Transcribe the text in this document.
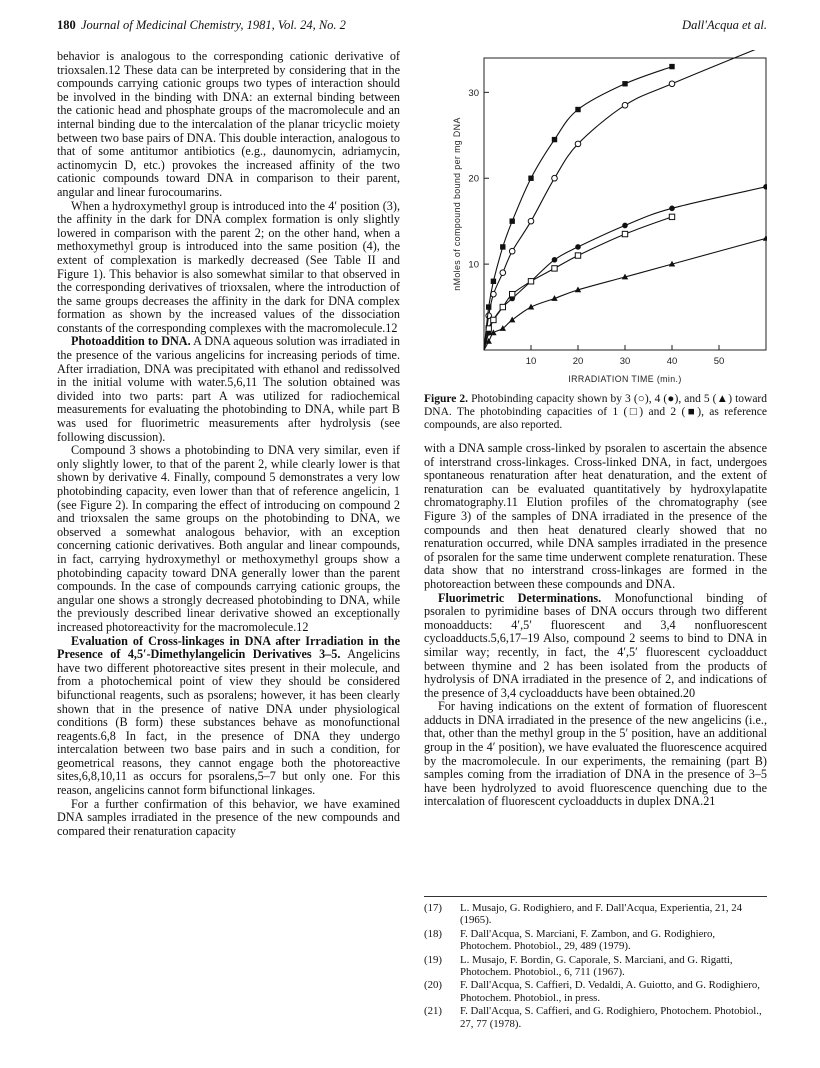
180 Journal of Medicinal Chemistry, 1981, Vol. 24, No. 2	Dall'Acqua et al.

behavior is analogous to the corresponding cationic derivative of trioxsalen.12 These data can be interpreted by considering that in the compounds carrying cationic groups two types of interaction should be involved in the binding with DNA: an external binding between the cationic head and phosphate groups of the macromolecule and an internal binding due to the intercalation of the planar tricyclic moiety between two base pairs of DNA. This double interaction, analogous to that of some antitumor antibiotics (e.g., daunomycin, adriamycin, actinomycin D, etc.) provokes the increased affinity of the two cationic compounds toward DNA in comparison to their parent, angular and linear furocoumarins.

When a hydroxymethyl group is introduced into the 4′ position (3), the affinity in the dark for DNA complex formation is only slightly lowered in comparison with the parent 2; on the other hand, when a methoxymethyl group is introduced into the same position (4), the extent of complexation is markedly decreased (See Table II and Figure 1). This behavior is also somewhat similar to that observed in the corresponding derivatives of trioxsalen, where the introduction of the same groups decreases the affinity in the dark for DNA complex formation as shown by the increased values of the dissociation constants of the corresponding complexes with the macromolecule.12

Photoaddition to DNA. A DNA aqueous solution was irradiated in the presence of the various angelicins for increasing periods of time. After irradiation, DNA was precipitated with ethanol and redissolved in the initial volume with water.5,6,11 The solution obtained was divided into two parts: part A was utilized for radiochemical measurements for evaluating the photobinding to DNA, while part B was used for fluorimetric measurements after hydrolysis (see following discussion).

Compound 3 shows a photobinding to DNA very similar, even if only slightly lower, to that of the parent 2, while clearly lower is that shown by derivative 4. Finally, compound 5 demonstrates a very low photobinding capacity, even lower than that of reference angelicin, 1 (see Figure 2). In comparing the effect of introducing on compound 2 and trioxsalen the same groups on the photobinding to DNA, we observed a somewhat analogous behavior, with an exception concerning cationic derivatives. Both angular and linear compounds, in fact, carrying hydroxymethyl or methoxymethyl groups show a photobinding capacity toward DNA generally lower than the parent compounds. In the case of compounds carrying cationic groups, the angular one shows a strongly decreased photobinding to DNA, while the previously described linear derivative showed an exceptionally increased photoreactivity for the macromolecule.12

Evaluation of Cross-linkages in DNA after Irradiation in the Presence of 4,5′-Dimethylangelicin Derivatives 3–5. Angelicins have two different photoreactive sites present in their molecule, and from a photochemical point of view they should be considered bifunctional reagents, such as psoralens; however, it has been clearly shown that in the presence of native DNA under physiological conditions (B form) these substances behave as monofunctional reagents.6,8 In fact, in the presence of DNA they undergo intercalation between two base pairs and in such a condition, for geometrical reasons, they cannot engage both the photoreactive sites,6,8,10,11 as occurs for psoralens,5–7 but only one. For this reason, angelicins cannot form bifunctional linkages.

For a further confirmation of this behavior, we have examined DNA samples irradiated in the presence of the new compounds and compared their renaturation capacity

10	20	30	40	50
10
20
30
IRRADIATION TIME (min.)
nMoles of compound bound per mg DNA
Figure 2. Photobinding capacity shown by 3 (○), 4 (●), and 5 (▲) toward DNA. The photobinding capacities of 1 (□) and 2 (■), as reference compounds, are also reported.

with a DNA sample cross-linked by psoralen to ascertain the absence of interstrand cross-linkages. Cross-linked DNA, in fact, undergoes spontaneous renaturation after heat denaturation, and the extent of renaturation can be evaluated quantitatively by hydroxylapatite chromatography.11 Elution profiles of the chromatography (see Figure 3) of the samples of DNA irradiated in the presence of the compounds and then heat denatured clearly showed that no renaturation occurred, while DNA samples irradiated in the presence of psoralen for the same time underwent complete renaturation. These data show that no interstrand cross-linkages are formed in the photoreaction between these compounds and DNA.

Fluorimetric Determinations. Monofunctional binding of psoralen to pyrimidine bases of DNA occurs through two different monoadducts: 4′,5′ fluorescent and 3,4 nonfluorescent cycloadducts.5,6,17–19 Also, compound 2 seems to bind to DNA in similar way; recently, in fact, the 4′,5′ fluorescent cycloadduct between thymine and 2 has been isolated from the products of hydrolysis of DNA irradiated in the presence of 2, and indications of the presence of 3,4 cycloadducts have been obtained.20

For having indications on the extent of formation of fluorescent adducts in DNA irradiated in the presence of the new angelicins (i.e., that, other than the methyl group in the 5′ position, have an additional group in the 4′ position), we have evaluated the fluorescence acquired by the macromolecule. In our experiments, the remaining (part B) samples coming from the irradiation of DNA in the presence of 3–5 have been hydrolyzed to avoid fluorescence quenching due to the intercalation of fluorescent cycloadducts in duplex DNA.21

(17) L. Musajo, G. Rodighiero, and F. Dall'Acqua, Experientia, 21, 24 (1965).
(18) F. Dall'Acqua, S. Marciani, F. Zambon, and G. Rodighiero, Photochem. Photobiol., 29, 489 (1979).
(19) L. Musajo, F. Bordin, G. Caporale, S. Marciani, and G. Rigatti, Photochem. Photobiol., 6, 711 (1967).
(20) F. Dall'Acqua, S. Caffieri, D. Vedaldi, A. Guiotto, and G. Rodighiero, Photochem. Photobiol., in press.
(21) F. Dall'Acqua, S. Caffieri, and G. Rodighiero, Photochem. Photobiol., 27, 77 (1978).
